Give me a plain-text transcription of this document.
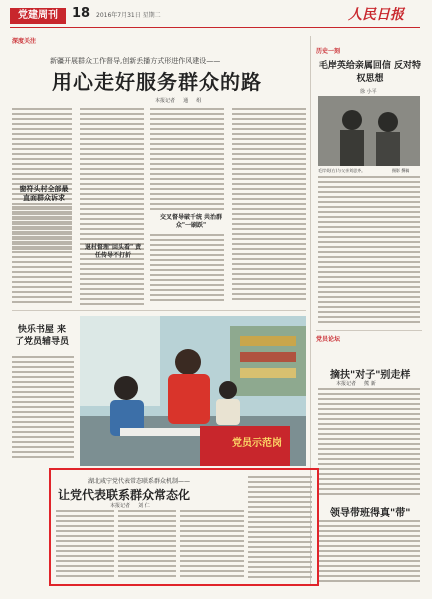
党建周刊	18 2016年7月31日 星期二	人民日报
深度关注
新疆开展群众工作督导,创新丢播方式形进作风建设——
用心走好服务群众的路
本报记者 　 通 　 组
窗符头村全部最 直面群众诉求
退村督理"回头看" 责任传导不打折
交叉督导破千统 共治群众"一刷跃"
快乐书屋 来了党员辅导员
党员示范岗
历史一刻
毛岸英给亲属回信 反对特权思想
徐 小平
毛岸英(右)与父亲刘思齐。	摄影 撰稿
党员论坛
摘扶"对子"别走样
本报记者 　 熊 新
领导带班得真"带"
湖北咸宁党代表常态联系群众机制——
让党代表联系群众常态化
本报记者 　 刘 仁
